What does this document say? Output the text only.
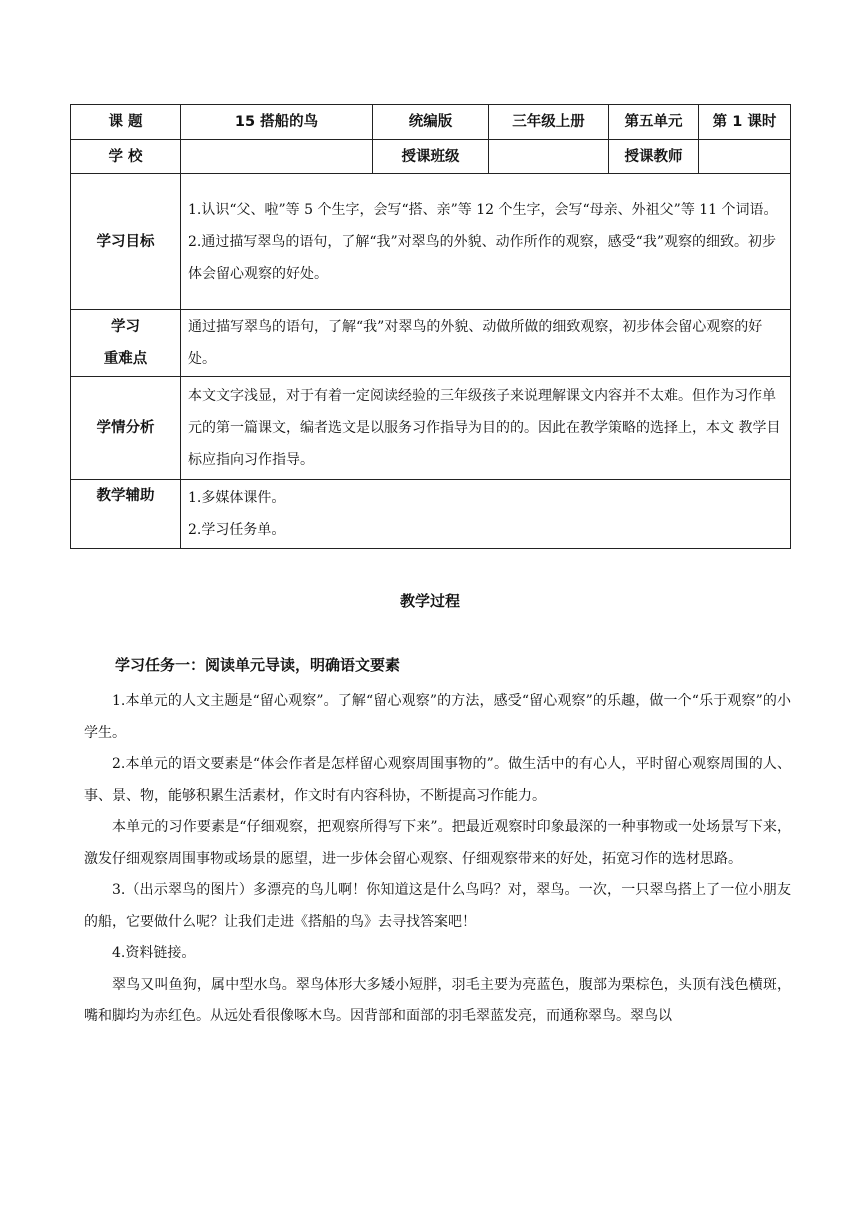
课 题	15 搭船的鸟	统编版	三年级上册	第五单元	第 1 课时
学 校		授课班级		授课教师	
学习目标	1.认识“父、啦”等 5 个生字，会写“搭、亲”等 12 个生字，会写“母亲、外祖父”等 11 个词语。

2.通过描写翠鸟的语句，了解“我”对翠鸟的外貌、动作所作的观察，感受“我”观察的细致。初步体会留心观察的好处。				

学习
重难点	通过描写翠鸟的语句，了解“我”对翠鸟的外貌、动做所做的细致观察，初步体会留心观察的好处。				

学情分析	本文文字浅显，对于有着一定阅读经验的三年级孩子来说理解课文内容并不太难。但作为习作单元的第一篇课文，编者选文是以服务习作指导为目的的。因此在教学策略的选择上，本文 教学目标应指向习作指导。				

教学辅助	1.多媒体课件。

2.学习任务单。				

教学过程
学习任务一：阅读单元导读，明确语文要素

1.本单元的人文主题是“留心观察”。了解“留心观察”的方法，感受“留心观察”的乐趣，做一个“乐于观察”的小学生。

2.本单元的语文要素是“体会作者是怎样留心观察周围事物的”。做生活中的有心人，平时留心观察周围的人、事、景、物，能够积累生活素材，作文时有内容科协，不断提高习作能力。

本单元的习作要素是“仔细观察，把观察所得写下来”。把最近观察时印象最深的一种事物或一处场景写下来，激发仔细观察周围事物或场景的愿望，进一步体会留心观察、仔细观察带来的好处，拓宽习作的选材思路。

3.（出示翠鸟的图片）多漂亮的鸟儿啊！你知道这是什么鸟吗？对，翠鸟。一次，一只翠鸟搭上了一位小朋友的船，它要做什么呢？让我们走进《搭船的鸟》去寻找答案吧！

4.资料链接。

翠鸟又叫鱼狗，属中型水鸟。翠鸟体形大多矮小短胖，羽毛主要为亮蓝色，腹部为栗棕色，头顶有浅色横斑，嘴和脚均为赤红色。从远处看很像啄木鸟。因背部和面部的羽毛翠蓝发亮，而通称翠鸟。翠鸟以
